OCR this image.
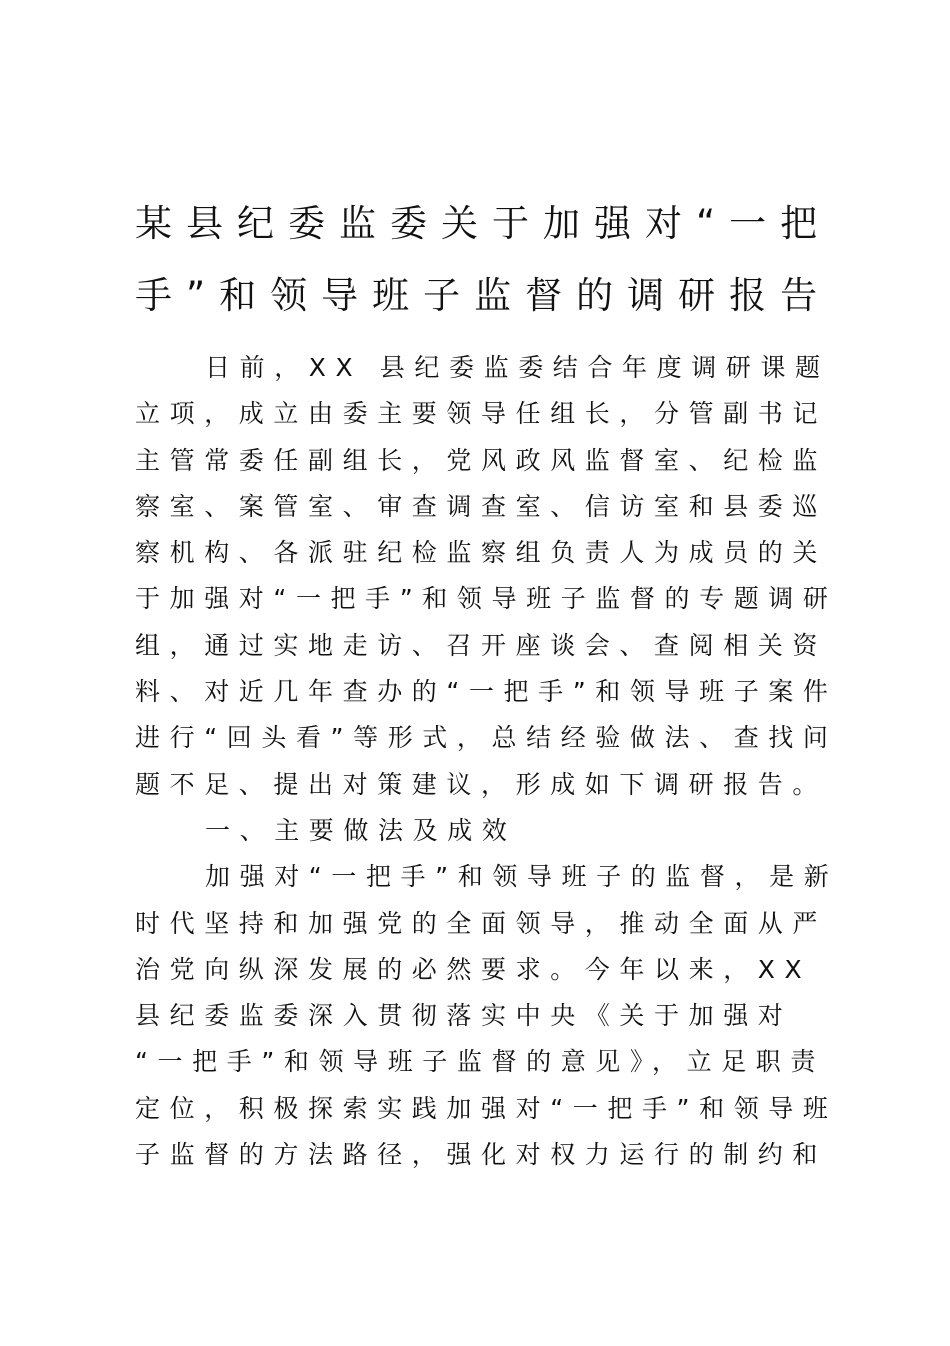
某县纪委监委关于加强对“一把
手”和领导班子监督的调研报告
日前，XX 县纪委监委结合年度调研课题
立项，成立由委主要领导任组长，分管副书记
主管常委任副组长，党风政风监督室、纪检监
察室、案管室、审查调查室、信访室和县委巡
察机构、各派驻纪检监察组负责人为成员的关
于加强对“一把手”和领导班子监督的专题调研
组，通过实地走访、召开座谈会、查阅相关资
料、对近几年查办的“一把手”和领导班子案件
进行“回头看”等形式，总结经验做法、查找问
题不足、提出对策建议，形成如下调研报告。
一、主要做法及成效
加强对“一把手”和领导班子的监督，是新
时代坚持和加强党的全面领导，推动全面从严
治党向纵深发展的必然要求。今年以来，XX
县纪委监委深入贯彻落实中央《关于加强对
“一把手”和领导班子监督的意见》，立足职责
定位，积极探索实践加强对“一把手”和领导班
子监督的方法路径，强化对权力运行的制约和
